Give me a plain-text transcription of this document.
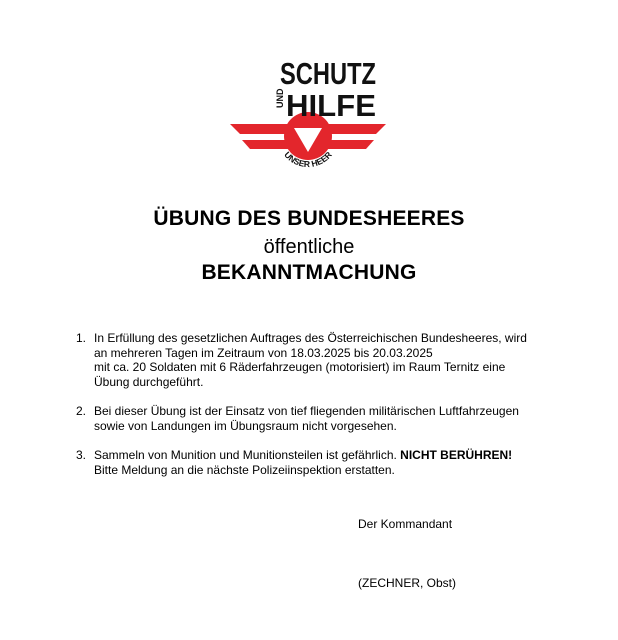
SCHUTZ
HILFE
UND
UNSER HEER
ÜBUNG DES BUNDESHEERES
öffentliche
BEKANNTMACHUNG
1. In Erfüllung des gesetzlichen Auftrages des Österreichischen Bundesheeres, wird
an mehreren Tagen im Zeitraum von 18.03.2025 bis 20.03.2025
mit ca. 20 Soldaten mit 6 Räderfahrzeugen (motorisiert) im Raum Ternitz eine
Übung durchgeführt.
2. Bei dieser Übung ist der Einsatz von tief fliegenden militärischen Luftfahrzeugen
sowie von Landungen im Übungsraum nicht vorgesehen.
3. Sammeln von Munition und Munitionsteilen ist gefährlich. NICHT BERÜHREN!
Bitte Meldung an die nächste Polizeiinspektion erstatten.
Der Kommandant
(ZECHNER, Obst)
